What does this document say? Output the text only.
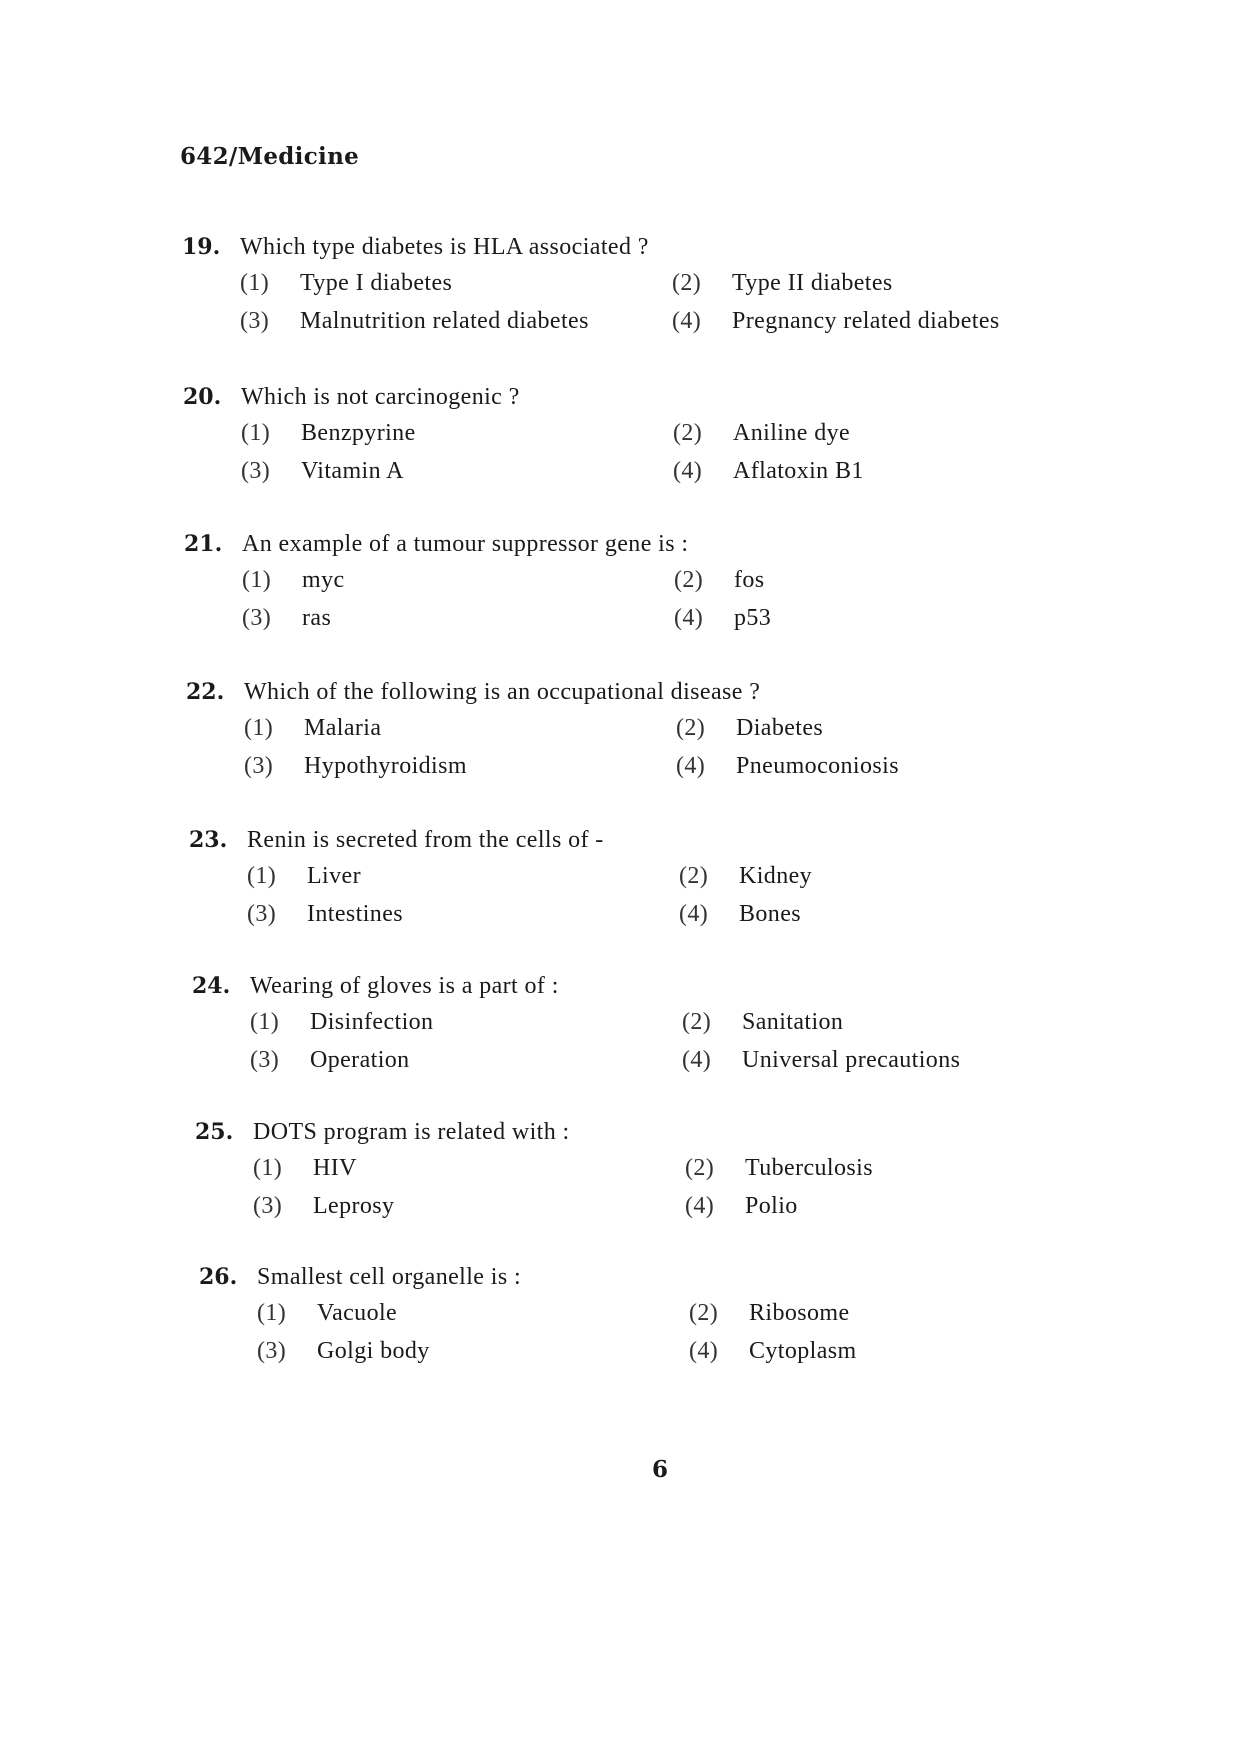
642/Medicine
19. Which type diabetes is HLA associated ?
(1)	Type I diabetes	(2)	Type II diabetes
(3)	Malnutrition related diabetes	(4)	Pregnancy related diabetes
20. Which is not carcinogenic ?
(1)	Benzpyrine	(2)	Aniline dye
(3)	Vitamin A	(4)	Aflatoxin B1
21. An example of a tumour suppressor gene is :
(1)	myc	(2)	fos
(3)	ras	(4)	p53
22. Which of the following is an occupational disease ?
(1)	Malaria	(2)	Diabetes
(3)	Hypothyroidism	(4)	Pneumoconiosis
23. Renin is secreted from the cells of -
(1)	Liver	(2)	Kidney
(3)	Intestines	(4)	Bones
24. Wearing of gloves is a part of :
(1)	Disinfection	(2)	Sanitation
(3)	Operation	(4)	Universal precautions
25. DOTS program is related with :
(1)	HIV	(2)	Tuberculosis
(3)	Leprosy	(4)	Polio
26. Smallest cell organelle is :
(1)	Vacuole	(2)	Ribosome
(3)	Golgi body	(4)	Cytoplasm
6
